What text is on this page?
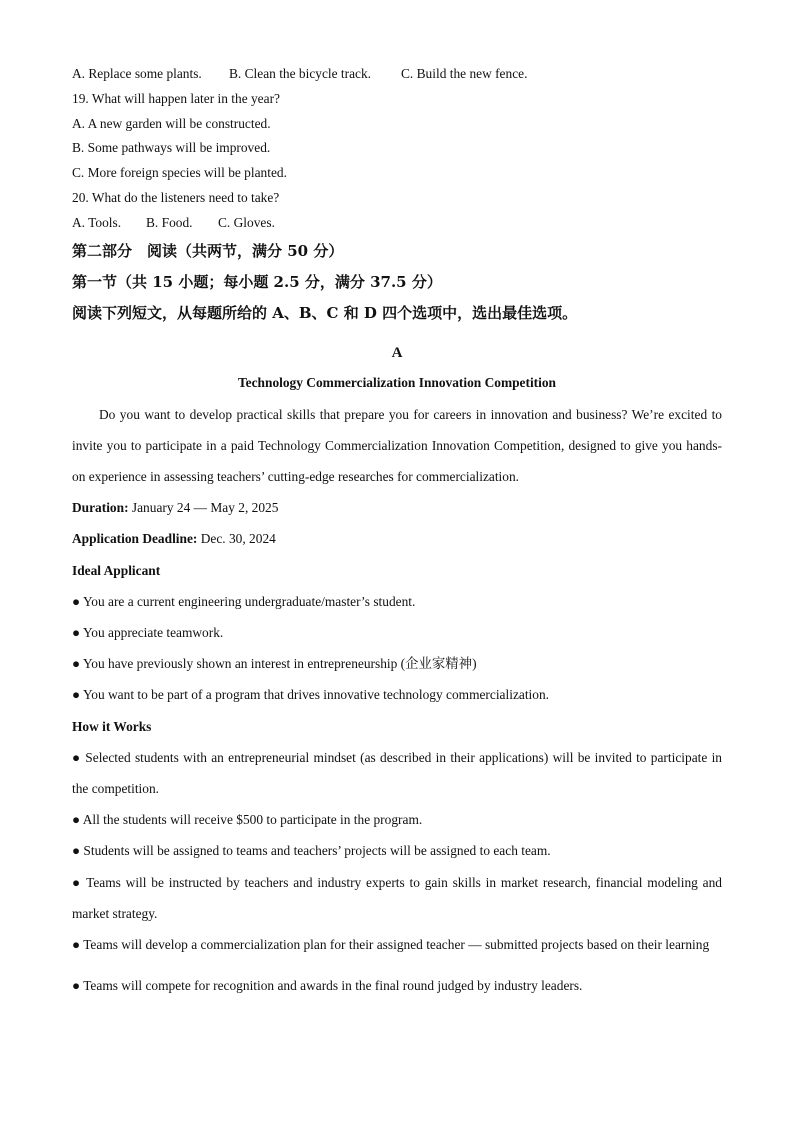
A. Replace some plants. B. Clean the bicycle track. C. Build the new fence.
19. What will happen later in the year?
A. A new garden will be constructed.
B. Some pathways will be improved.
C. More foreign species will be planted.
20. What do the listeners need to take?
A. Tools. B. Food. C. Gloves.
第二部分　阅读（共两节，满分 50 分）
第一节（共 15 小题；每小题 2.5 分，满分 37.5 分）
阅读下列短文，从每题所给的 A、B、C 和 D 四个选项中，选出最佳选项。
A
Technology Commercialization Innovation Competition
Do you want to develop practical skills that prepare you for careers in innovation and business? We’re excited to invite you to participate in a paid Technology Commercialization Innovation Competition, designed to give you hands-on experience in assessing teachers’ cutting-edge researches for commercialization.
Duration: January 24 — May 2, 2025
Application Deadline: Dec. 30, 2024
Ideal Applicant
● You are a current engineering undergraduate/master’s student.
● You appreciate teamwork.
● You have previously shown an interest in entrepreneurship (企业家精神)
● You want to be part of a program that drives innovative technology commercialization.
How it Works
● Selected students with an entrepreneurial mindset (as described in their applications) will be invited to participate in the competition.
● All the students will receive $500 to participate in the program.
● Students will be assigned to teams and teachers’ projects will be assigned to each team.
● Teams will be instructed by teachers and industry experts to gain skills in market research, financial modeling and market strategy.
● Teams will develop a commercialization plan for their assigned teacher — submitted projects based on their learning
● Teams will compete for recognition and awards in the final round judged by industry leaders.
